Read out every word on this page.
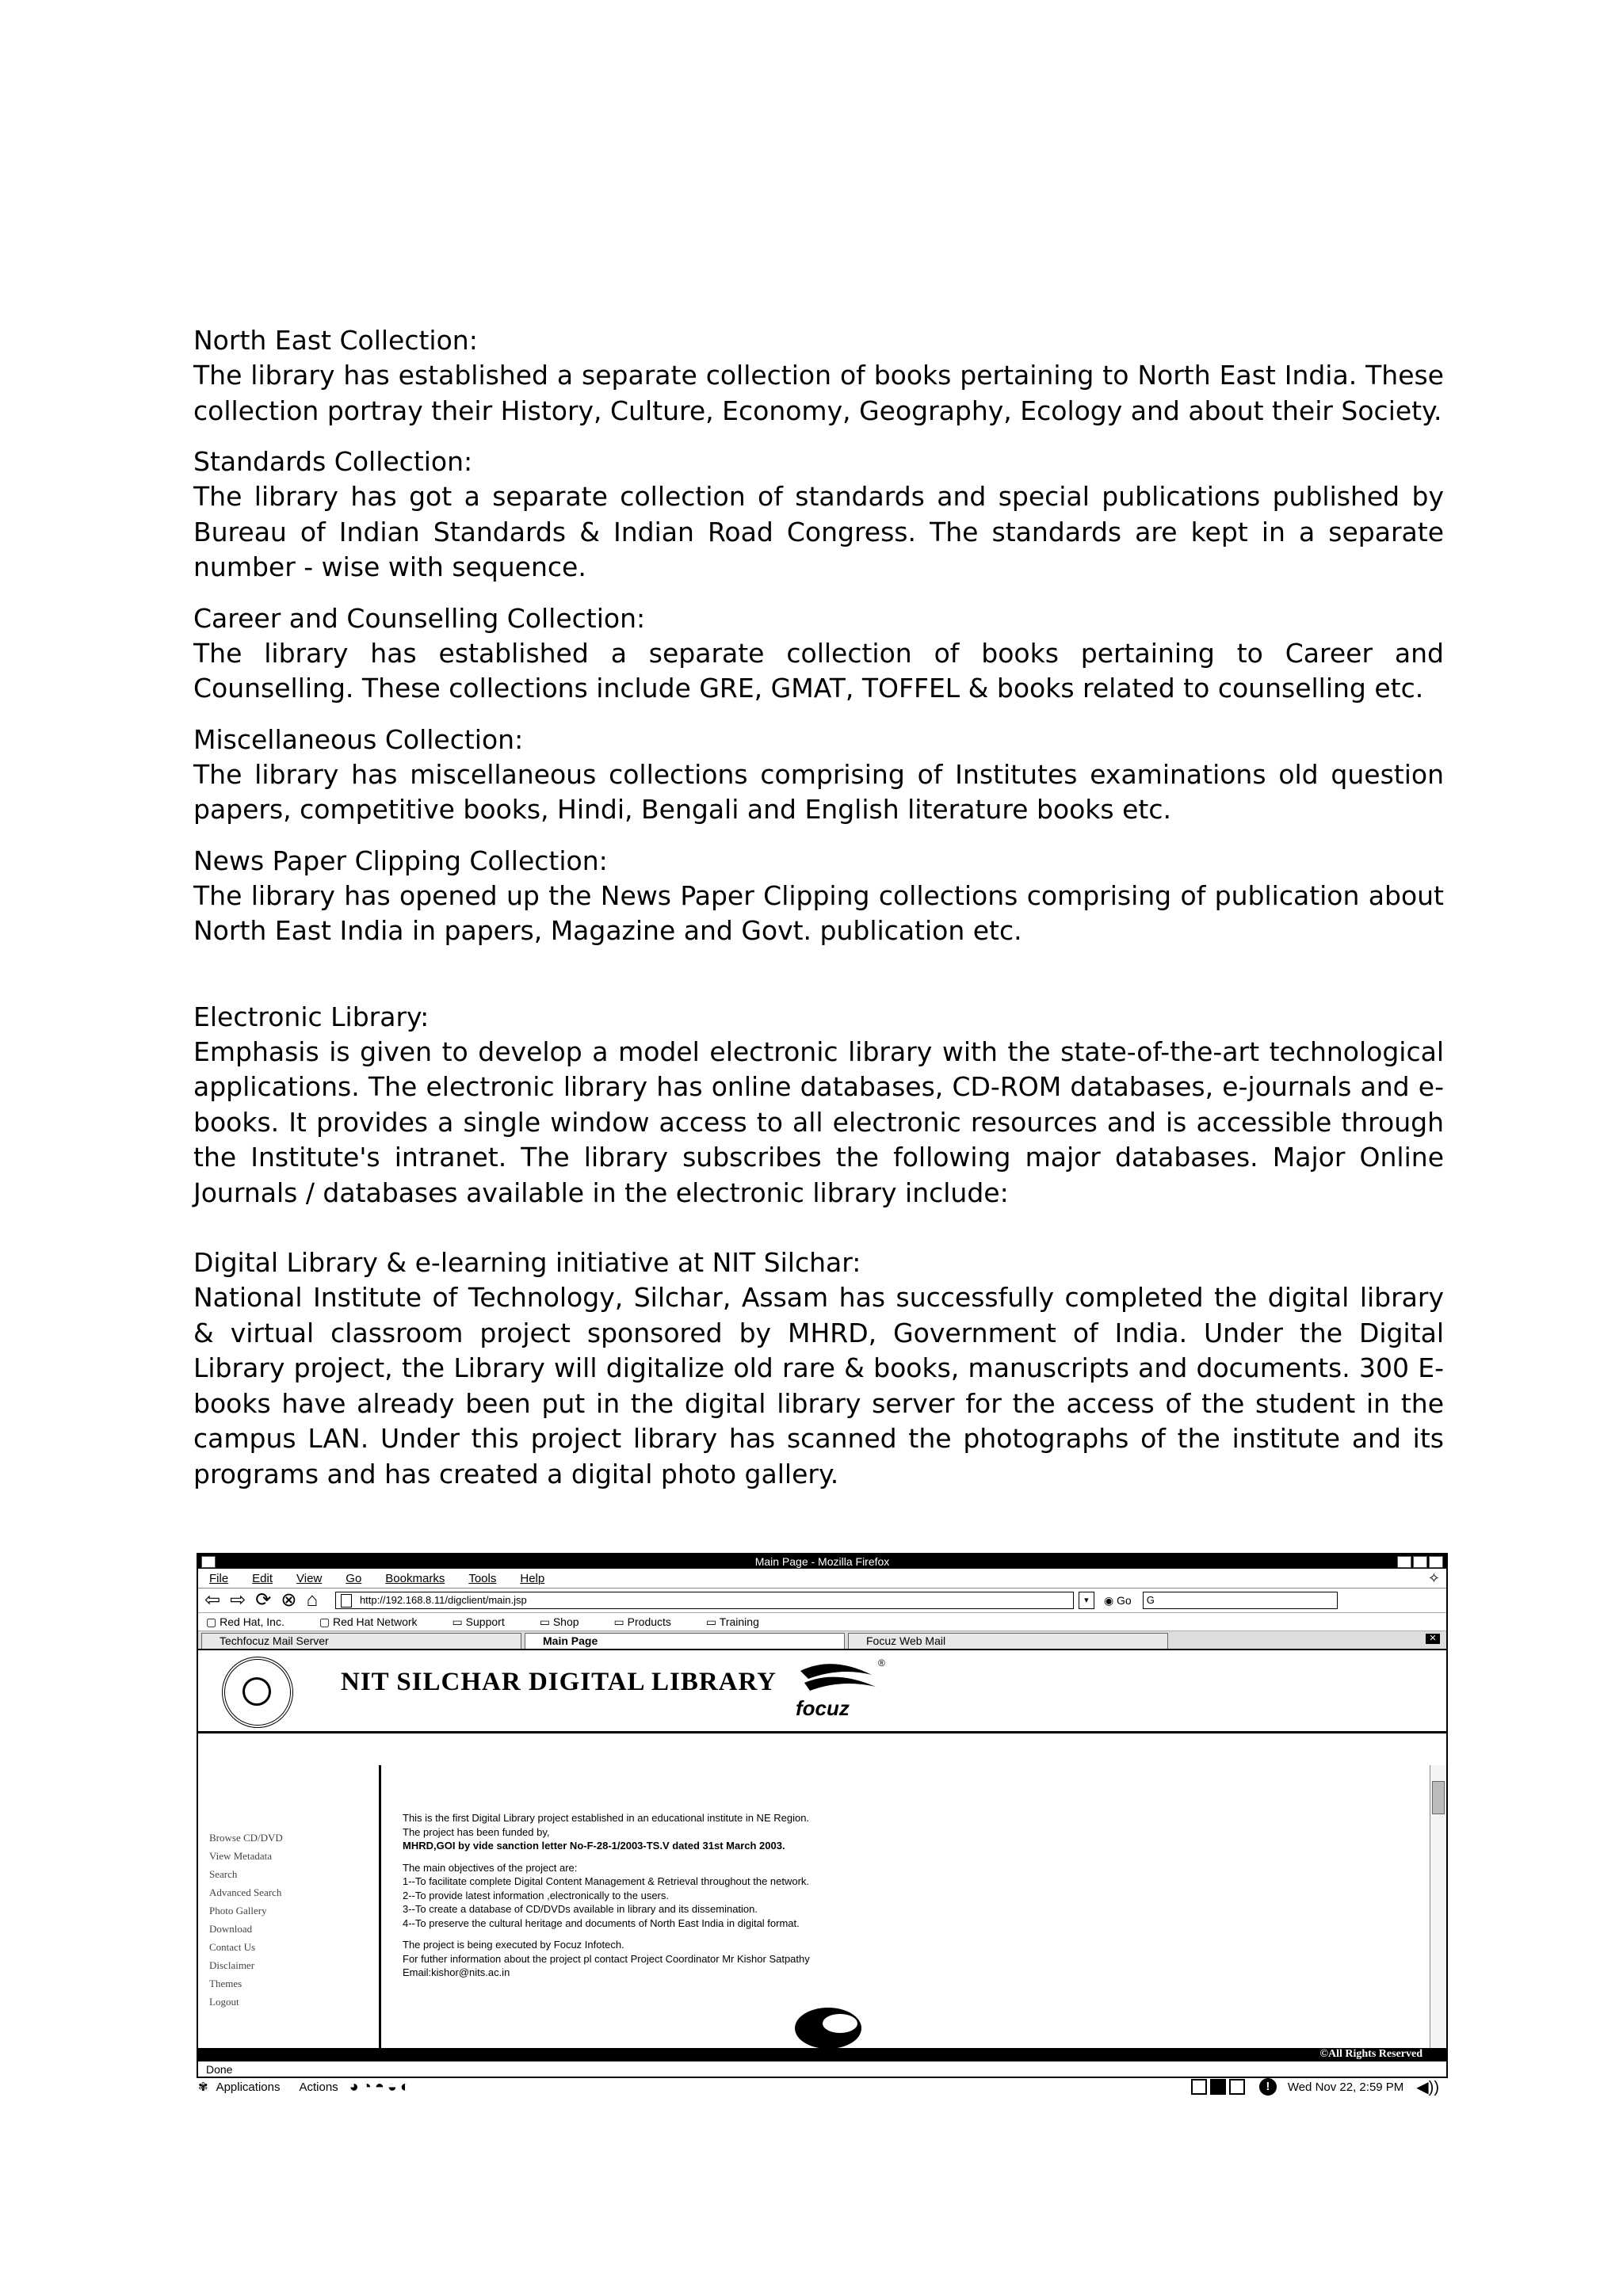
North East Collection:

The library has established a separate collection of books pertaining to North East India. These collection portray their History, Culture, Economy, Geography, Ecology and about their Society.

Standards Collection:

The library has got a separate collection of standards and special publications published by Bureau of Indian Standards & Indian Road Congress. The standards are kept in a separate number - wise with sequence.

Career and Counselling Collection:

The library has established a separate collection of books pertaining to Career and Counselling. These collections include GRE, GMAT, TOFFEL & books related to counselling etc.

Miscellaneous Collection:

The library has miscellaneous collections comprising of Institutes examinations old question papers, competitive books, Hindi, Bengali and English literature books etc.

News Paper Clipping Collection:

The library has opened up the News Paper Clipping collections comprising of publication about North East India in papers, Magazine and Govt. publication etc.

Electronic Library:

Emphasis is given to develop a model electronic library with the state-of-the-art technological applications. The electronic library has online databases, CD-ROM databases, e-journals and e-books. It provides a single window access to all electronic resources and is accessible through the Institute's intranet. The library subscribes the following major databases. Major Online Journals / databases available in the electronic library include:

Digital Library & e-learning initiative at NIT Silchar:

National Institute of Technology, Silchar, Assam has successfully completed the digital library & virtual classroom project sponsored by MHRD, Government of India. Under the Digital Library project, the Library will digitalize old rare & books, manuscripts and documents. 300 E-books have already been put in the digital library server for the access of the student in the campus LAN. Under this project library has scanned the photographs of the institute and its programs and has created a digital photo gallery.

Main Page - Mozilla Firefox
File Edit View Go Bookmarks Tools Help	✧
⇦ ⇨ ⟳ ⊗ ⌂	http://192.168.8.11/digclient/main.jsp	▾	◉ Go	G
▢ Red Hat, Inc.	▢ Red Hat Network	▭ Support	▭ Shop	▭ Products	▭ Training
Techfocuz Mail Server	Main Page	Focuz Web Mail	✕
NIT SILCHAR DIGITAL LIBRARY
®
focuz
Browse CD/DVD
View Metadata
Search
Advanced Search
Photo Gallery
Download
Contact Us
Disclaimer
Themes
Logout
This is the first Digital Library project established in an educational institute in NE Region.
The project has been funded by,
MHRD,GOI by vide sanction letter No-F-28-1/2003-TS.V dated 31st March 2003.
The main objectives of the project are:
1--To facilitate complete Digital Content Management & Retrieval throughout the network.
2--To provide latest information ,electronically to the users.
3--To create a database of CD/DVDs available in library and its dissemination.
4--To preserve the cultural heritage and documents of North East India in digital format.
The project is being executed by Focuz Infotech.
For futher information about the project pl contact Project Coordinator Mr Kishor Satpathy
Email:kishor@nits.ac.in
©All Rights Reserved
Done
✾ Applications Actions ◕◔◓◒◐	!	Wed Nov 22, 2:59 PM ◀))
